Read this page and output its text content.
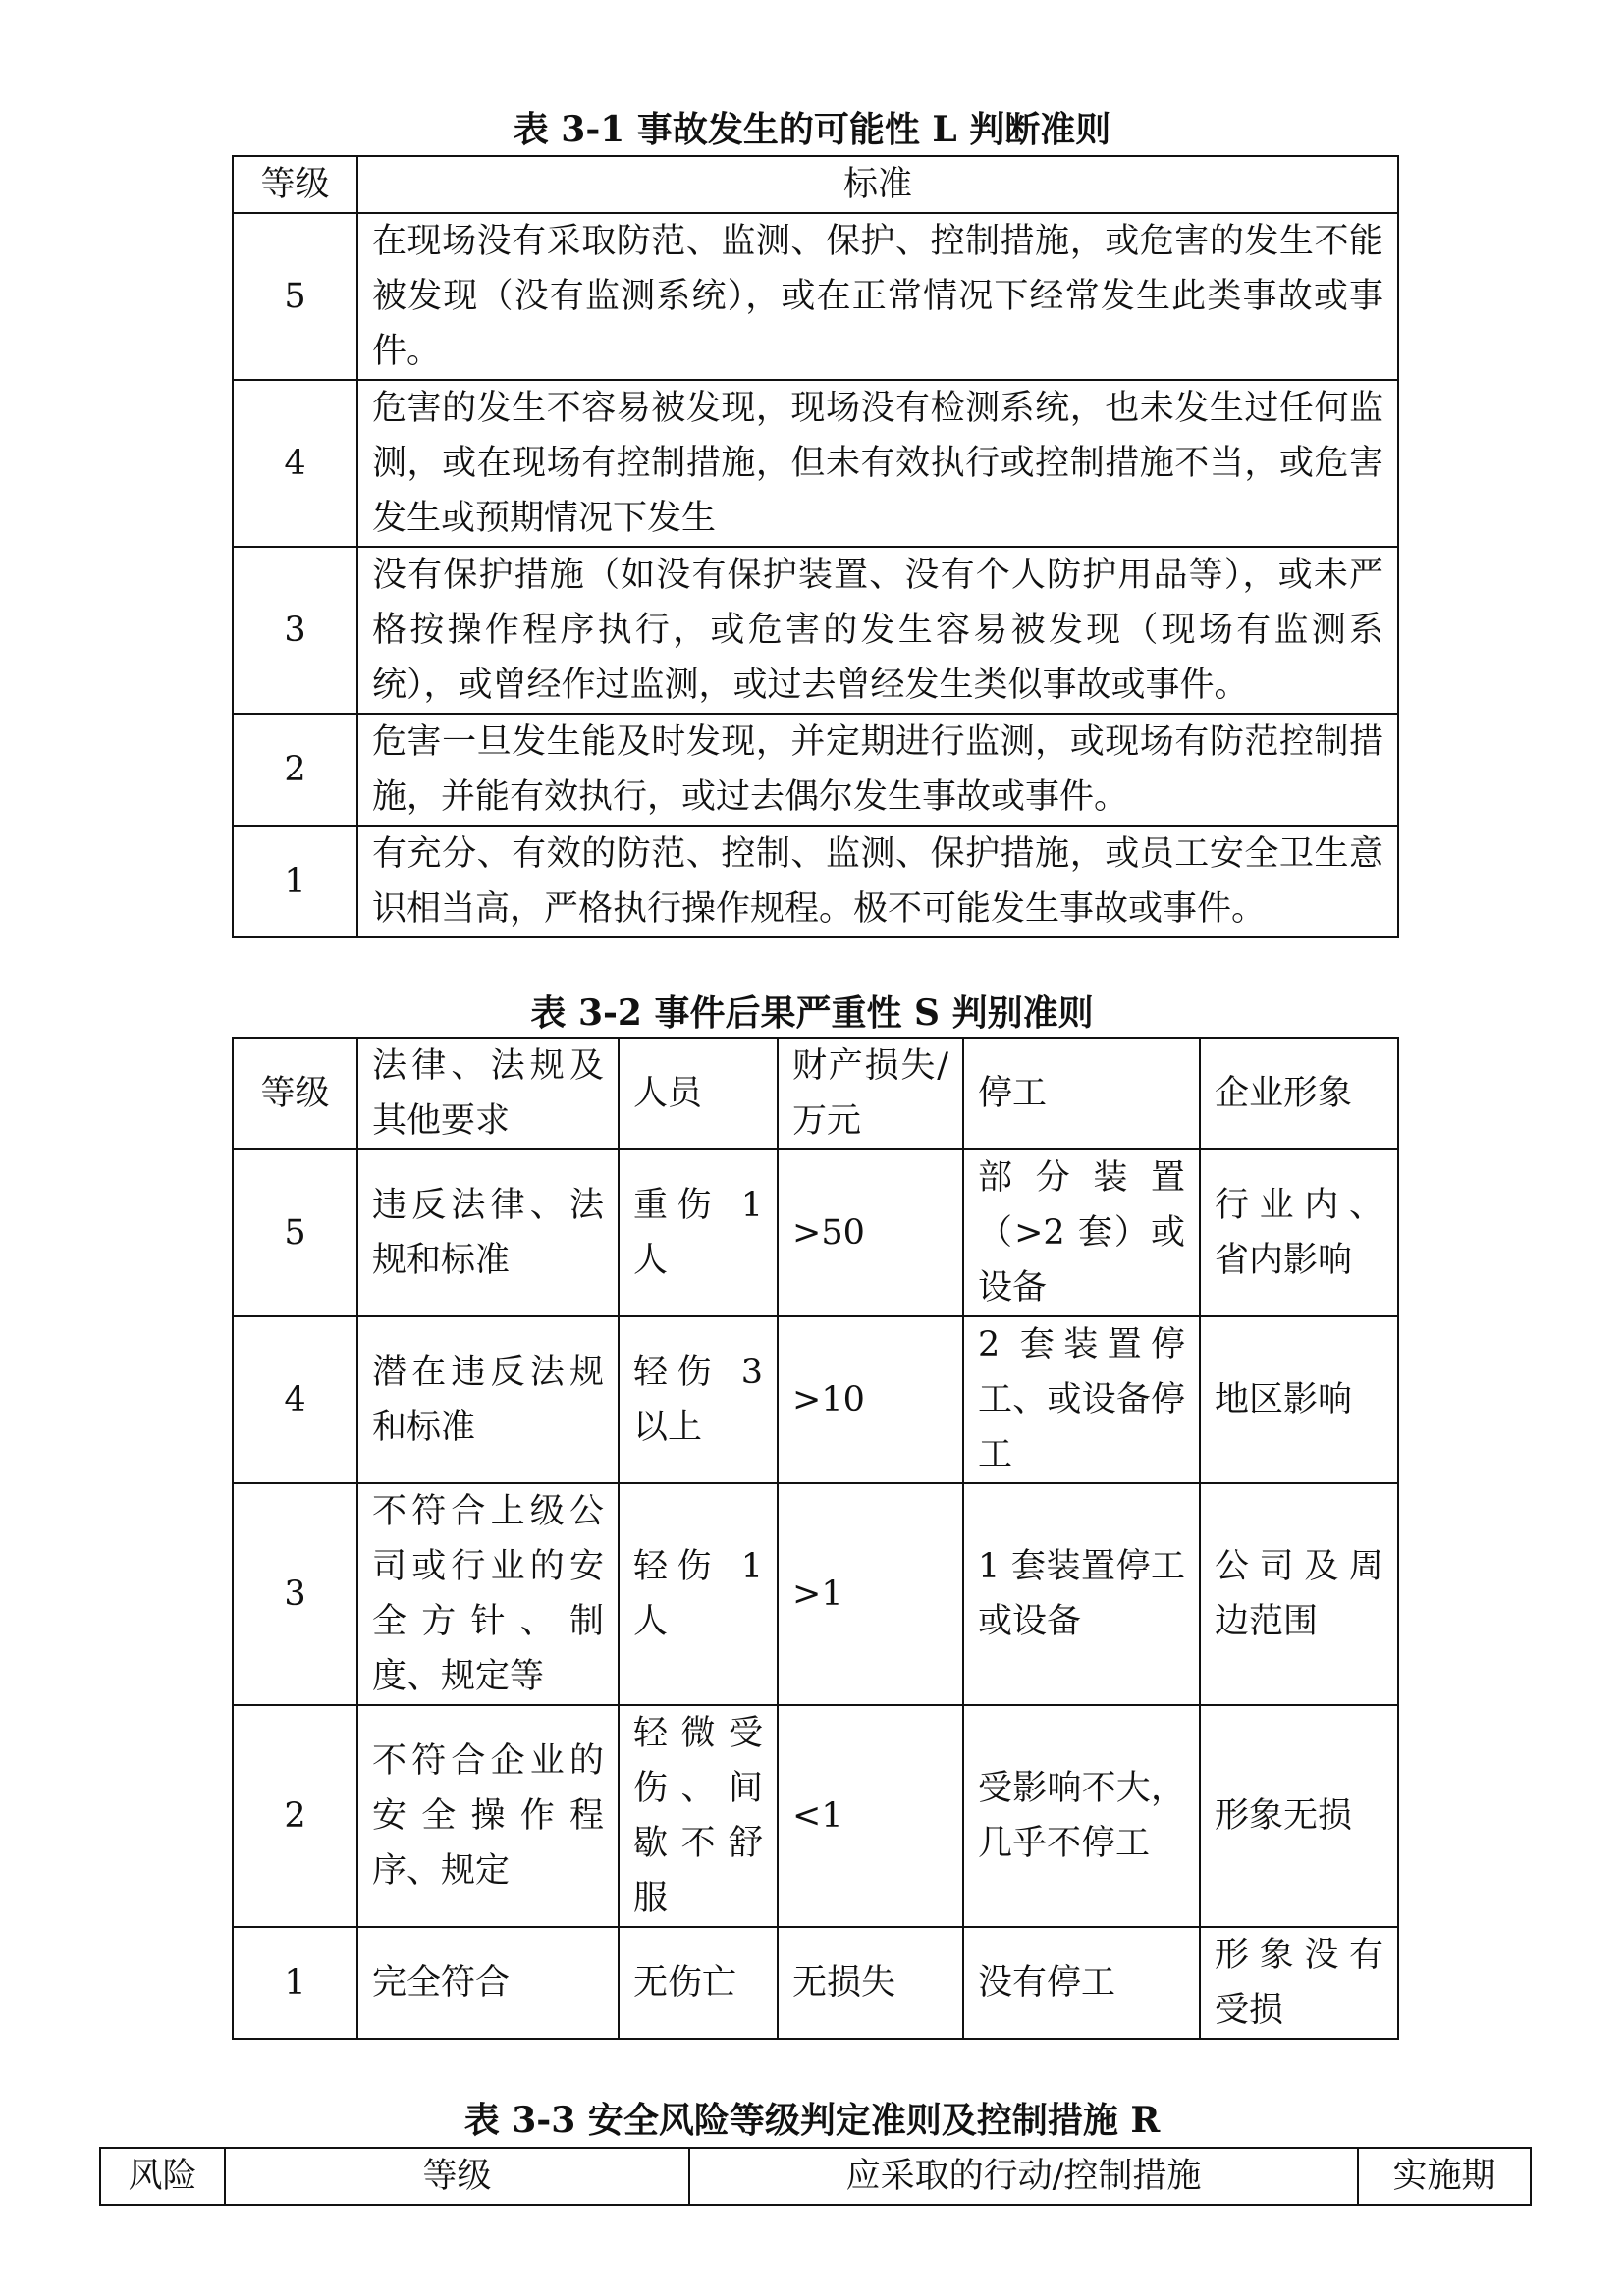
表 3-1 事故发生的可能性 L 判断准则
等级	标准
5	在现场没有采取防范、监测、保护、控制措施，或危害的发生不能被发现（没有监测系统），或在正常情况下经常发生此类事故或事件。
4	危害的发生不容易被发现，现场没有检测系统，也未发生过任何监测，或在现场有控制措施，但未有效执行或控制措施不当，或危害发生或预期情况下发生
3	没有保护措施（如没有保护装置、没有个人防护用品等），或未严格按操作程序执行，或危害的发生容易被发现（现场有监测系统），或曾经作过监测，或过去曾经发生类似事故或事件。
2	危害一旦发生能及时发现，并定期进行监测，或现场有防范控制措施，并能有效执行，或过去偶尔发生事故或事件。
1	有充分、有效的防范、控制、监测、保护措施，或员工安全卫生意识相当高，严格执行操作规程。极不可能发生事故或事件。
表 3-2 事件后果严重性 S 判别准则
等级	法律、法规及其他要求	人员	财产损失/万元	停工	企业形象
5	违反法律、法规和标准	重伤 1 人	>50	部分装置（>2 套）或设备	行业内、省内影响
4	潜在违反法规和标准	轻伤 3 以上	>10	2 套装置停工、或设备停工	地区影响
3	不符合上级公司或行业的安全方针、制度、规定等	轻伤 1 人	>1	1 套装置停工或设备	公司及周边范围
2	不符合企业的安全操作程序、规定	轻微受伤、间歇不舒服	<1	受影响不大，几乎不停工	形象无损
1	完全符合	无伤亡	无损失	没有停工	形象没有受损
表 3-3 安全风险等级判定准则及控制措施 R
风险	等级	应采取的行动/控制措施	实施期
